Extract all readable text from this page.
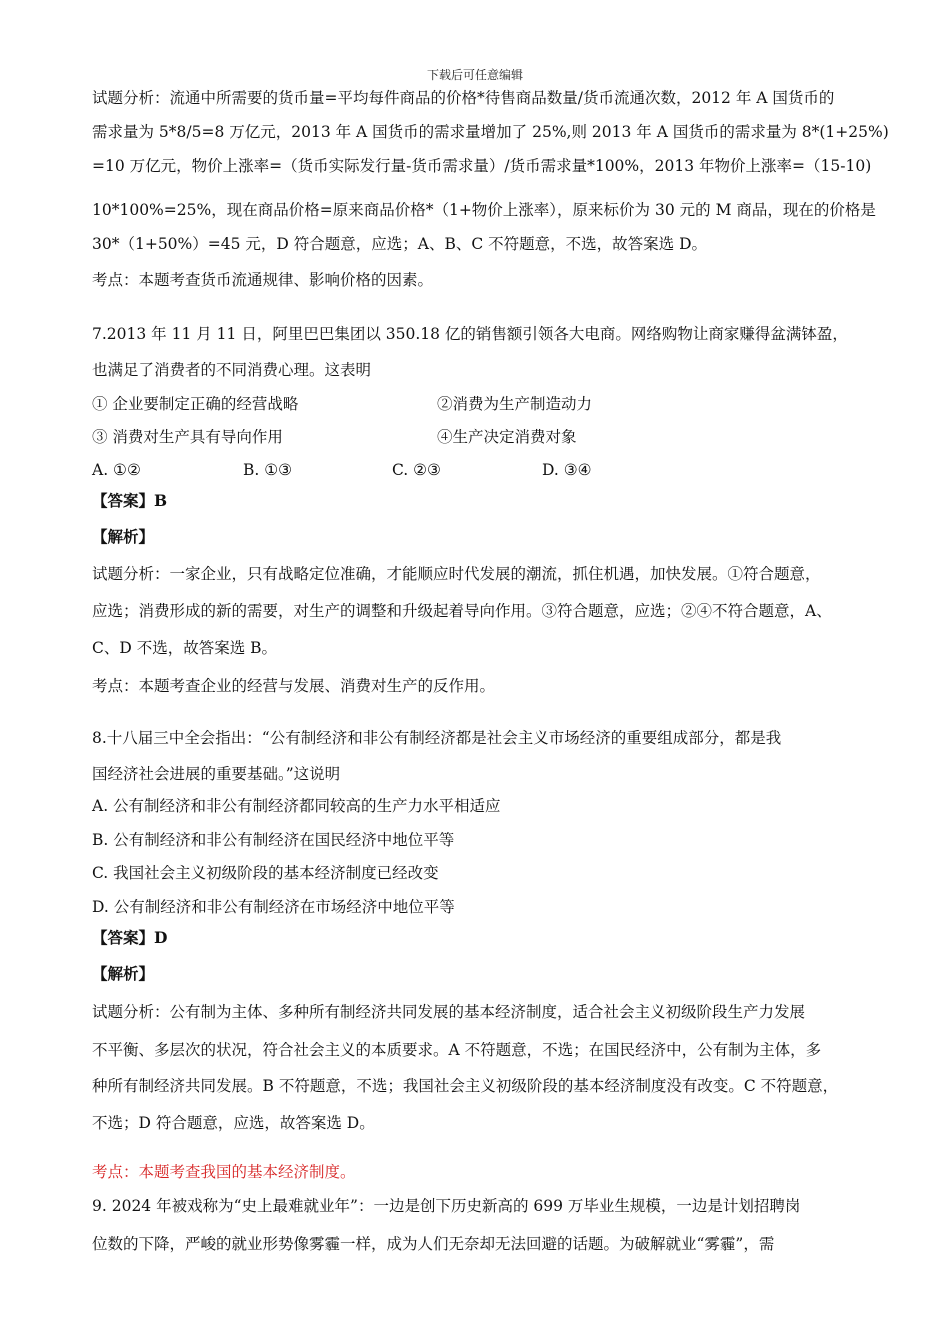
下载后可任意编辑
试题分析：流通中所需要的货币量=平均每件商品的价格*待售商品数量/货币流通次数，2012 年 A 国货币的
需求量为 5*8/5=8 万亿元，2013 年 A 国货币的需求量增加了 25%,则 2013 年 A 国货币的需求量为 8*(1+25%)
=10 万亿元，物价上涨率=（货币实际发行量-货币需求量）/货币需求量*100%，2013 年物价上涨率=（15-10)
10*100%=25%，现在商品价格=原来商品价格*（1+物价上涨率），原来标价为 30 元的 M 商品，现在的价格是
30*（1+50%）=45 元，D 符合题意，应选；A、B、C 不符题意，不选，故答案选 D。
考点：本题考查货币流通规律、影响价格的因素。
7.2013 年 11 月 11 日，阿里巴巴集团以 350.18 亿的销售额引领各大电商。网络购物让商家赚得盆满钵盈，
也满足了消费者的不同消费心理。这表明
① 企业要制定正确的经营战略	②消费为生产制造动力
③ 消费对生产具有导向作用	④生产决定消费对象
A. ①②	B. ①③	C. ②③	D. ③④
【答案】B
【解析】
试题分析：一家企业，只有战略定位准确，才能顺应时代发展的潮流，抓住机遇，加快发展。①符合题意，
应选；消费形成的新的需要，对生产的调整和升级起着导向作用。③符合题意，应选；②④不符合题意，A、
C、D 不选，故答案选 B。
考点：本题考查企业的经营与发展、消费对生产的反作用。
8.十八届三中全会指出：“公有制经济和非公有制经济都是社会主义市场经济的重要组成部分，都是我
国经济社会进展的重要基础。”这说明
A. 公有制经济和非公有制经济都同较高的生产力水平相适应
B. 公有制经济和非公有制经济在国民经济中地位平等
C. 我国社会主义初级阶段的基本经济制度已经改变
D. 公有制经济和非公有制经济在市场经济中地位平等
【答案】D
【解析】
试题分析：公有制为主体、多种所有制经济共同发展的基本经济制度，适合社会主义初级阶段生产力发展
不平衡、多层次的状况，符合社会主义的本质要求。A 不符题意，不选；在国民经济中，公有制为主体，多
种所有制经济共同发展。B 不符题意，不选；我国社会主义初级阶段的基本经济制度没有改变。C 不符题意，
不选；D 符合题意，应选，故答案选 D。
考点：本题考查我国的基本经济制度。
9. 2024 年被戏称为“史上最难就业年”：一边是创下历史新高的 699 万毕业生规模，一边是计划招聘岗
位数的下降，严峻的就业形势像雾霾一样，成为人们无奈却无法回避的话题。为破解就业“雾霾”，需
